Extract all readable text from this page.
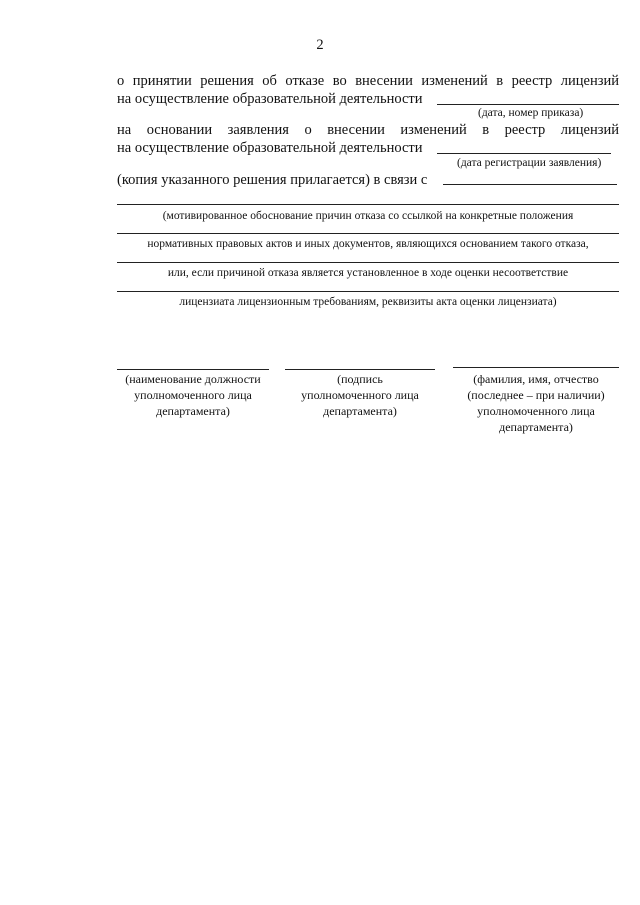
2
о принятии решения об отказе во внесении изменений в реестр лицензий
на осуществление образовательной деятельности
(дата, номер приказа)
на основании заявления о внесении изменений в реестр лицензий
на осуществление образовательной деятельности
(дата регистрации заявления)
(копия указанного решения прилагается) в связи с
(мотивированное обоснование причин отказа со ссылкой на конкретные положения
нормативных правовых актов и иных документов, являющихся основанием такого отказа,
или, если причиной отказа является установленное в ходе оценки несоответствие
лицензиата лицензионным требованиям, реквизиты акта оценки лицензиата)
(наименование должности
уполномоченного лица
департамента)
(подпись
уполномоченного лица
департамента)
(фамилия, имя, отчество
(последнее – при наличии)
уполномоченного лица
департамента)
